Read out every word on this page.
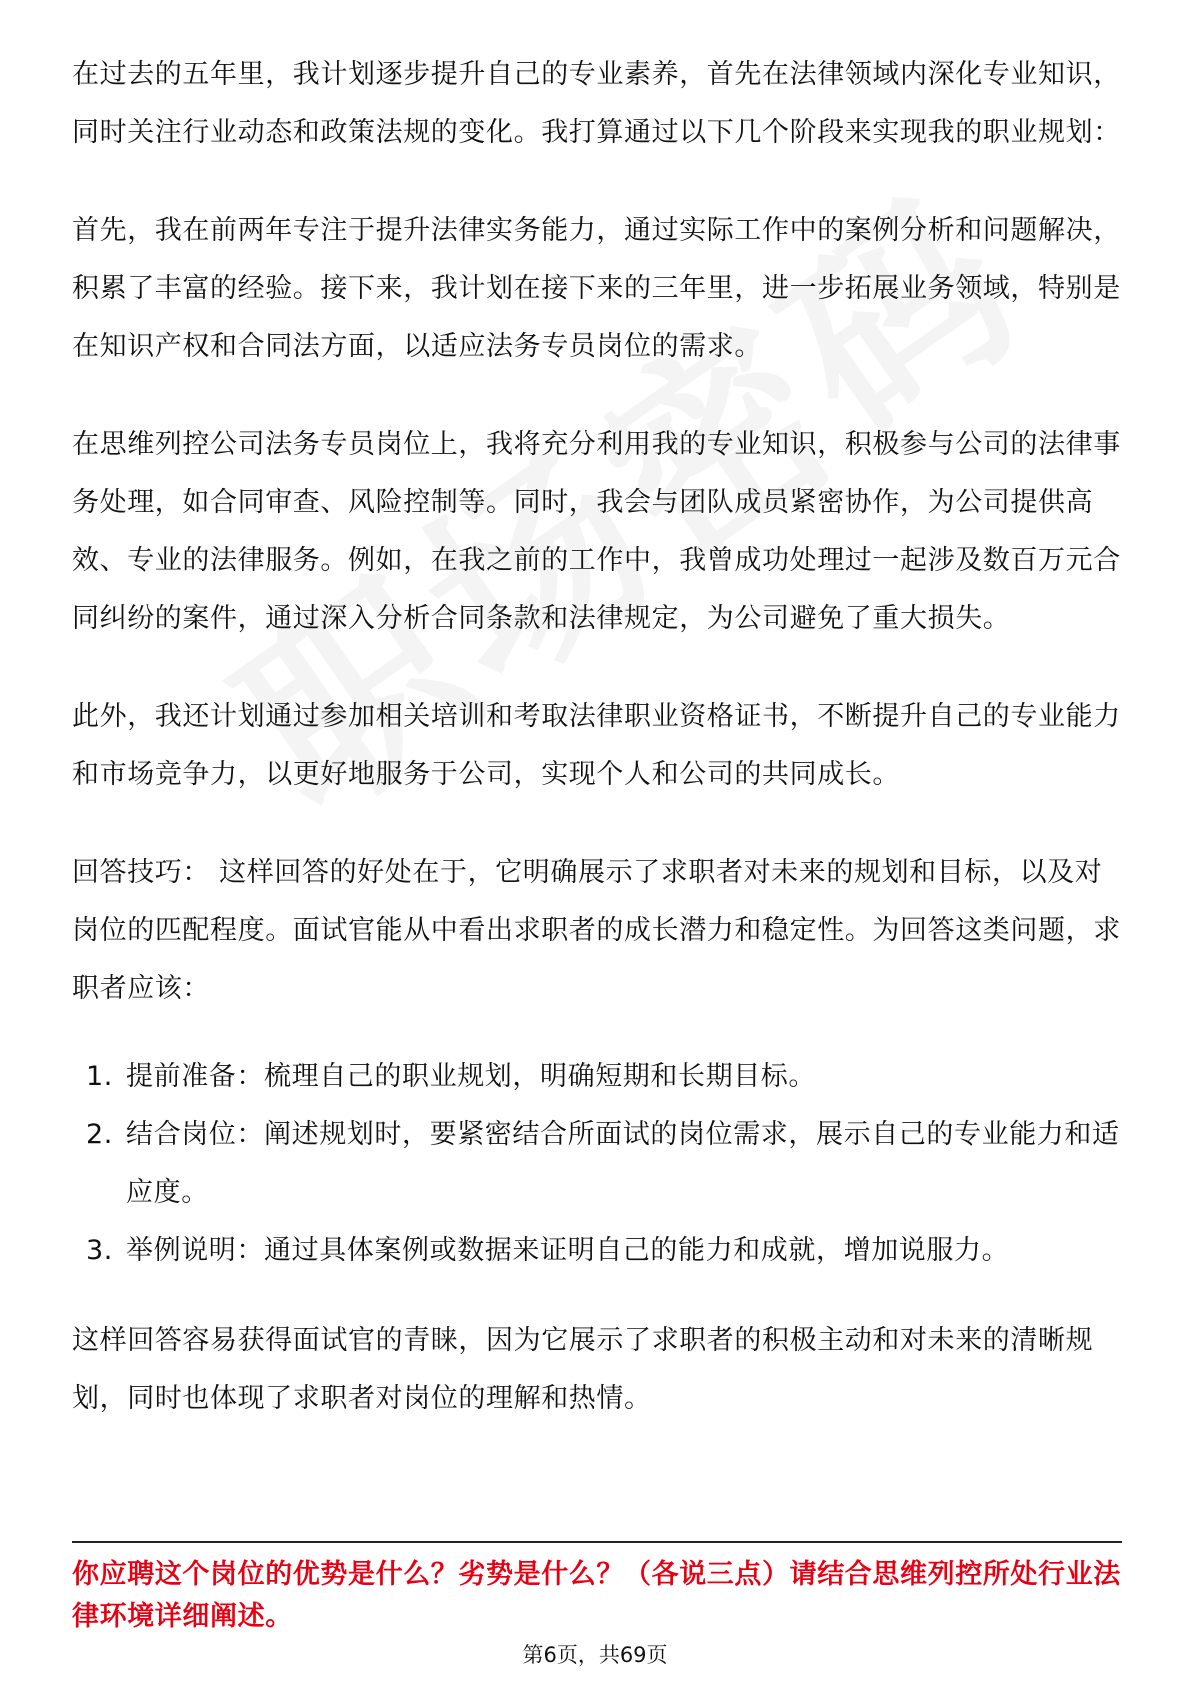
在过去的五年里，我计划逐步提升自己的专业素养，首先在法律领域内深化专业知识，同时关注行业动态和政策法规的变化。我打算通过以下几个阶段来实现我的职业规划：

首先，我在前两年专注于提升法律实务能力，通过实际工作中的案例分析和问题解决，积累了丰富的经验。接下来，我计划在接下来的三年里，进一步拓展业务领域，特别是在知识产权和合同法方面，以适应法务专员岗位的需求。

在思维列控公司法务专员岗位上，我将充分利用我的专业知识，积极参与公司的法律事务处理，如合同审查、风险控制等。同时，我会与团队成员紧密协作，为公司提供高效、专业的法律服务。例如，在我之前的工作中，我曾成功处理过一起涉及数百万元合同纠纷的案件，通过深入分析合同条款和法律规定，为公司避免了重大损失。

此外，我还计划通过参加相关培训和考取法律职业资格证书，不断提升自己的专业能力和市场竞争力，以更好地服务于公司，实现个人和公司的共同成长。

回答技巧： 这样回答的好处在于，它明确展示了求职者对未来的规划和目标，以及对岗位的匹配程度。面试官能从中看出求职者的成长潜力和稳定性。为回答这类问题，求职者应该：

1. 提前准备：梳理自己的职业规划，明确短期和长期目标。
2. 结合岗位：阐述规划时，要紧密结合所面试的岗位需求，展示自己的专业能力和适应度。
3. 举例说明：通过具体案例或数据来证明自己的能力和成就，增加说服力。

这样回答容易获得面试官的青睐，因为它展示了求职者的积极主动和对未来的清晰规划，同时也体现了求职者对岗位的理解和热情。

你应聘这个岗位的优势是什么？劣势是什么？（各说三点）请结合思维列控所处行业法律环境详细阐述。

第6页，共69页
